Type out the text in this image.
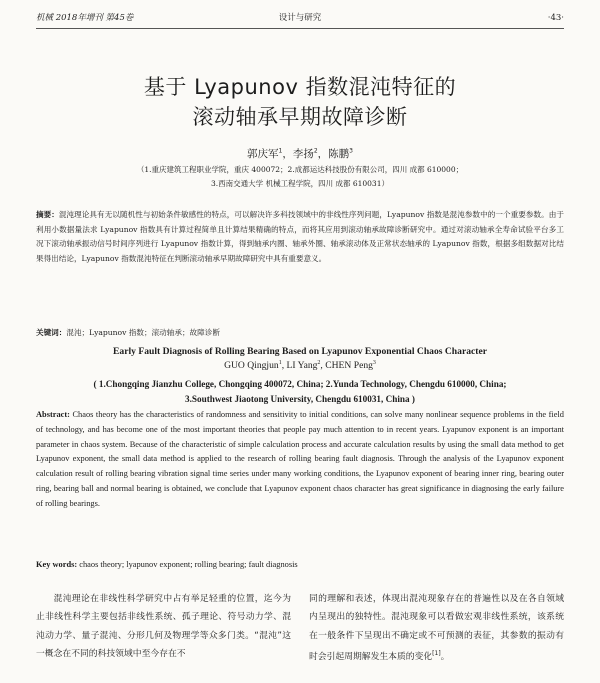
机械 2018年增刊 第45卷	设计与研究	·43·
基于 Lyapunov 指数混沌特征的
滚动轴承早期故障诊断
郭庆军$^1$，李扬$^2$，陈鹏$^3$
（1.重庆建筑工程职业学院，重庆 400072；2.成都运达科技股份有限公司，四川 成都 610000；
3.西南交通大学 机械工程学院，四川 成都 610031）
摘要：混沌理论具有无以随机性与初始条件敏感性的特点，可以解决许多科技领域中的非线性序列问题，Lyapunov 指数是混沌参数中的一个重要参数。由于利用小数据量法求 Lyapunov 指数具有计算过程简单且计算结果精确的特点，而将其应用到滚动轴承故障诊断研究中。通过对滚动轴承全寿命试验平台多工况下滚动轴承振动信号时间序列进行 Lyapunov 指数计算，得到轴承内圈、轴承外圈、轴承滚动体及正常状态轴承的 Lyapunov 指数，根据多组数据对比结果得出结论，Lyapunov 指数混沌特征在判断滚动轴承早期故障研究中具有重要意义。
关键词：混沌；Lyapunov 指数；滚动轴承；故障诊断
Early Fault Diagnosis of Rolling Bearing Based on Lyapunov Exponential Chaos Character
GUO Qingjun$^1$, LI Yang$^2$, CHEN Peng$^3$
( 1.Chongqing Jianzhu College, Chongqing 400072, China; 2.Yunda Technology, Chengdu 610000, China;
3.Southwest Jiaotong University, Chengdu 610031, China )
Abstract: Chaos theory has the characteristics of randomness and sensitivity to initial conditions, can solve many nonlinear sequence problems in the field of technology, and has become one of the most important theories that people pay much attention to in recent years. Lyapunov exponent is an important parameter in chaos system. Because of the characteristic of simple calculation process and accurate calculation results by using the small data method to get Lyapunov exponent, the small data method is applied to the research of rolling bearing fault diagnosis. Through the analysis of the Lyapunov exponent calculation result of rolling bearing vibration signal time series under many working conditions, the Lyapunov exponent of bearing inner ring, bearing outer ring, bearing ball and normal bearing is obtained, we conclude that Lyapunov exponent chaos character has great significance in diagnosing the early failure of rolling bearings.
Key words: chaos theory; lyapunov exponent; rolling bearing; fault diagnosis
混沌理论在非线性科学研究中占有举足轻重的位置，迄今为止非线性科学主要包括非线性系统、孤子理论、符号动力学、混沌动力学、量子混沌、分形几何及物理学等众多门类。“混沌”这一概念在不同的科技领域中至今存在不
同的理解和表述，体现出混沌现象存在的普遍性以及在各自领域内呈现出的独特性。混沌现象可以看做宏观非线性系统，该系统在一般条件下呈现出不确定或不可预测的表征，其参数的振动有时会引起周期解发生本质的变化[1]。
